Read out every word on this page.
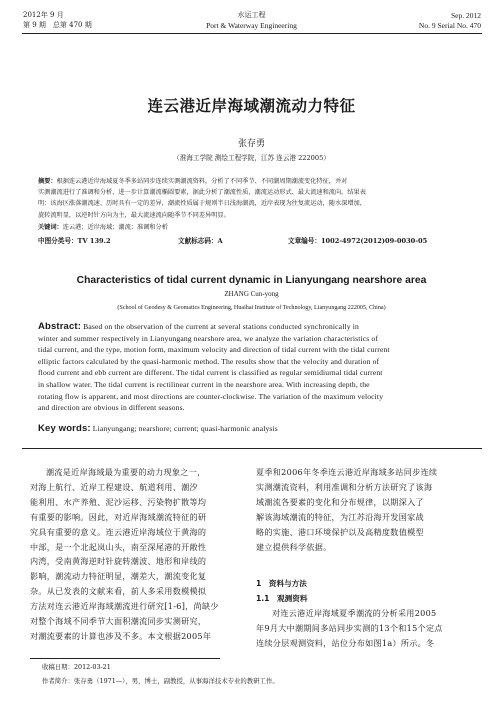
2012年 9 月
第 9 期　总第 470 期
水运工程
Port & Waterway Engineering
Sep. 2012
No. 9 Serial No. 470
连云港近岸海域潮流动力特征
张存勇
（淮海工学院 测绘工程学院，江苏 连云港 222005）
摘要：根据连云港近岸海域夏冬季多站同步连续实测潮流资料，分析了不同季节、不同潮周期潮流变化特征，并对
实测潮流进行了准调和分析，进一步计算潮流椭圆要素，据此分析了潮流性质、潮流运动形式、最大流速和流向。结果表
明：该海区涨落潮流速、历时具有一定的差异，潮流性质属于规则半日浅海潮流，近岸表现为往复流运动，随水深增加，
旋转流明显，以逆时针方向为主，最大流速流向随季节不同差异明显。
关键词：连云港；近岸海域；潮流；准调和分析
中图分类号：TV 139.2	文献标志码：A	文章编号：1002-4972(2012)09-0030-05
Characteristics of tidal current dynamic in Lianyungang nearshore area
ZHANG Cun-yong
(School of Geodesy & Geomatics Engineering, Huaihai Institute of Technology, Lianyungang 222005, China)
Abstract: Based on the observation of the current at several stations conducted synchronically in
winter and summer respectively in Lianyungang nearshore area, we analyze the variation characteristics of
tidal current, and the type, motion form, maximum velocity and direction of tidal current with the tidal current
elliptic factors calculated by the quasi-harmonic method. The results show that the velocity and duration of
flood current and ebb current are different. The tidal current is classified as regular semidiurnal tidal current
in shallow water. The tidal current is rectilinear current in the nearshore area. With increasing depth, the
rotating flow is apparent, and most directions are counter-clockwise. The variation of the maximum velocity
and direction are obvious in different seasons.
Key words: Lianyungang; nearshore; current; quasi-harmonic analysis
潮流是近岸海域最为重要的动力现象之一，
对海上航行、近岸工程建设、航道利用、潮汐
能利用、水产养殖、泥沙运移、污染物扩散等均
有重要的影响。因此，对近岸海域潮流特征的研
究具有重要的意义。连云港近岸海域位于黄海的
中部，是一个北起岚山头，南至深尾港的开敞性
内湾，受南黄海逆时针旋转潮波、地形和岸线的
影响，潮流动力特征明显，潮差大，潮流变化复
杂。从已发表的文献来看，前人多采用数模模拟
方法对连云港近岸海域潮流进行研究[1-6]，尚缺少
对整个海域不同季节大面积潮流同步实测研究，
对潮流要素的计算也涉及不多。本文根据2005年
夏季和2006年冬季连云港近岸海域多站同步连续
实测潮流资料，利用准调和分析方法研究了该海
域潮流各要素的变化和分布规律，以期深入了
解该海域潮流的特征，为江苏沿海开发国家战
略的实施、港口环境保护以及高精度数值模型
建立提供科学依据。
1　资料与方法
1.1　观测资料
对连云港近岸海域夏季潮流的分析采用2005
年9月大中潮期间多站同步实测的13个和15个定点
连续分层观测资料，站位分布如图1a）所示。冬
收稿日期：2012-03-21
作者简介：张存勇（1971—），男，博士，副教授，从事海洋技术专业的教研工作。
